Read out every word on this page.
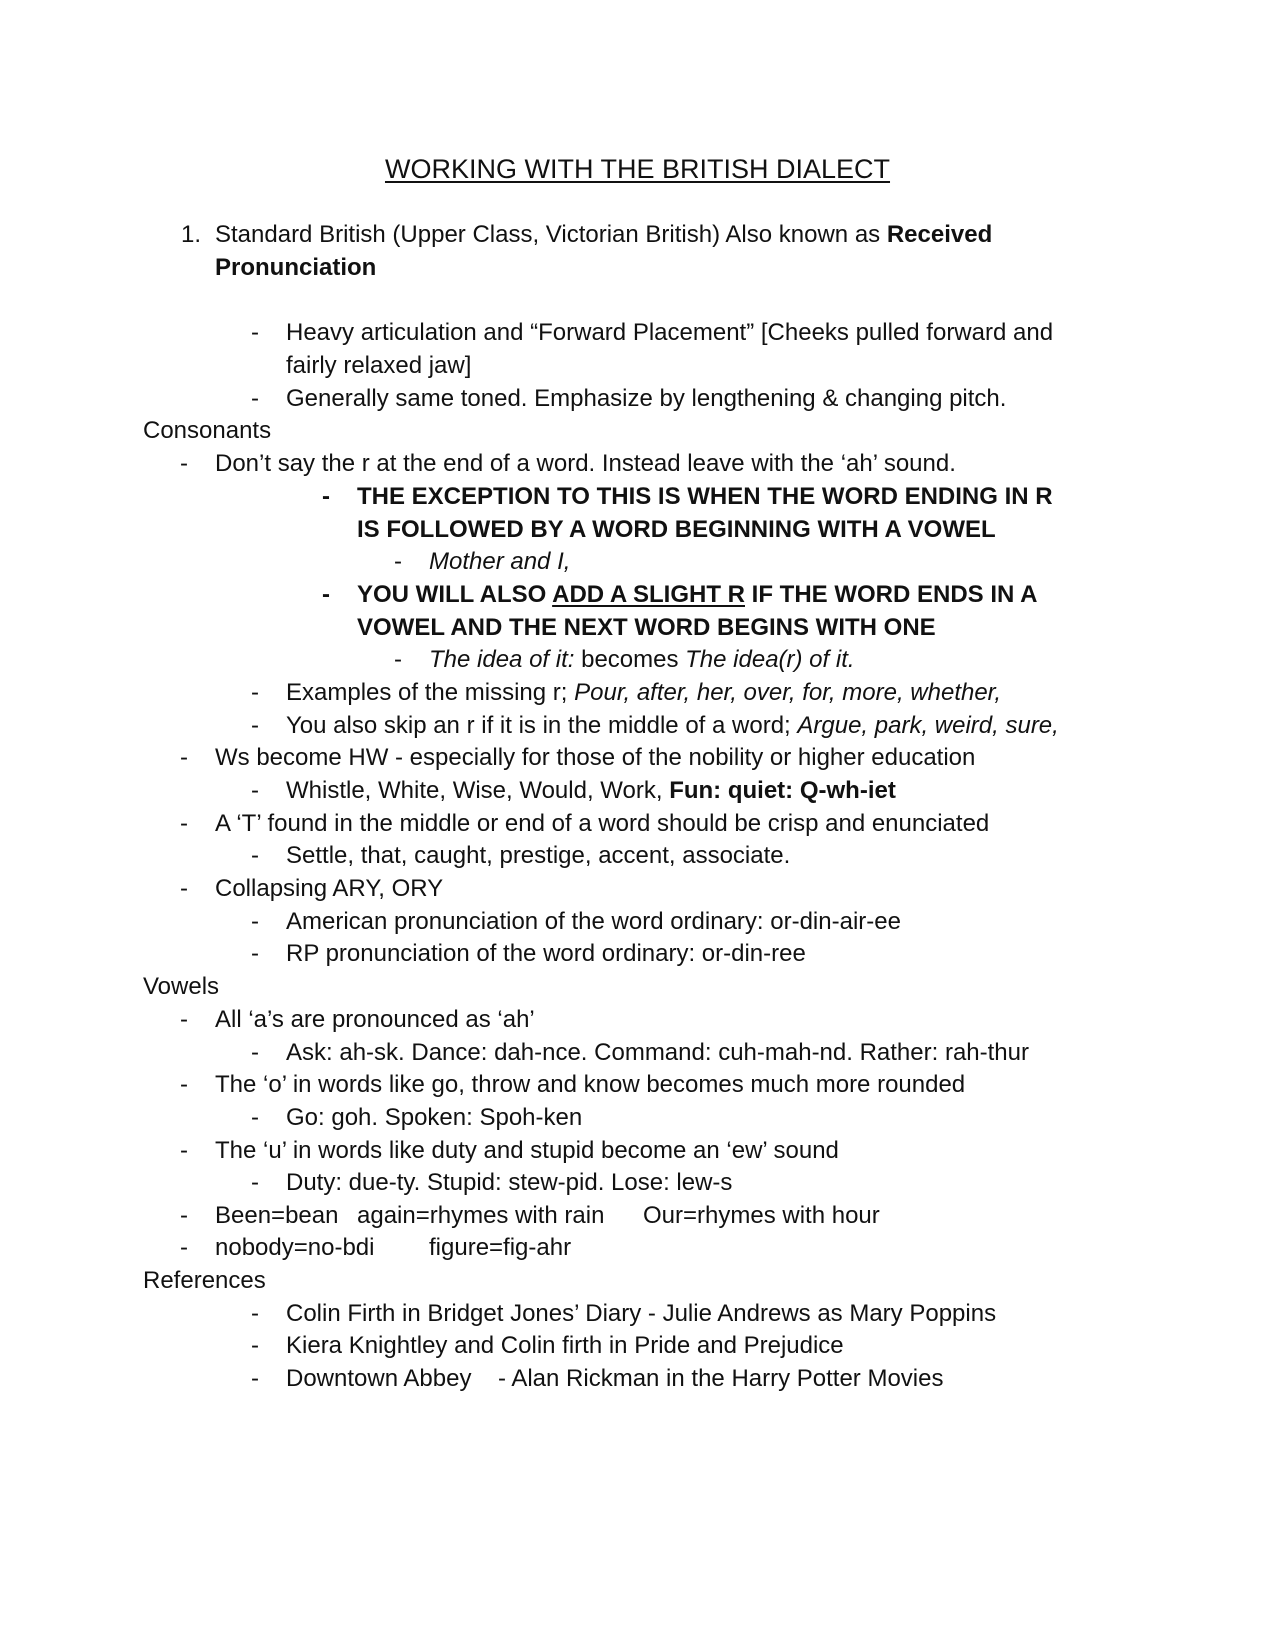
WORKING WITH THE BRITISH DIALECT
1. Standard British (Upper Class, Victorian British) Also known as Received
Pronunciation
- Heavy articulation and “Forward Placement” [Cheeks pulled forward and
fairly relaxed jaw]
- Generally same toned. Emphasize by lengthening & changing pitch.
Consonants
- Don’t say the r at the end of a word. Instead leave with the ‘ah’ sound.
- THE EXCEPTION TO THIS IS WHEN THE WORD ENDING IN R
IS FOLLOWED BY A WORD BEGINNING WITH A VOWEL
- Mother and I,
- YOU WILL ALSO ADD A SLIGHT R IF THE WORD ENDS IN A
VOWEL AND THE NEXT WORD BEGINS WITH ONE
- The idea of it: becomes The idea(r) of it.
- Examples of the missing r; Pour, after, her, over, for, more, whether,
- You also skip an r if it is in the middle of a word; Argue, park, weird, sure,
- Ws become HW - especially for those of the nobility or higher education
- Whistle, White, Wise, Would, Work, Fun: quiet: Q-wh-iet
- A ‘T’ found in the middle or end of a word should be crisp and enunciated
- Settle, that, caught, prestige, accent, associate.
- Collapsing ARY, ORY
- American pronunciation of the word ordinary: or-din-air-ee
- RP pronunciation of the word ordinary: or-din-ree
Vowels
- All ‘a’s are pronounced as ‘ah’
- Ask: ah-sk. Dance: dah-nce. Command: cuh-mah-nd. Rather: rah-thur
- The ‘o’ in words like go, throw and know becomes much more rounded
- Go: goh. Spoken: Spoh-ken
- The ‘u’ in words like duty and stupid become an ‘ew’ sound
- Duty: due-ty. Stupid: stew-pid. Lose: lew-s
- Been=bean again=rhymes with rain Our=rhymes with hour
- nobody=no-bdi figure=fig-ahr
References
- Colin Firth in Bridget Jones’ Diary - Julie Andrews as Mary Poppins
- Kiera Knightley and Colin firth in Pride and Prejudice
- Downtown Abbey - Alan Rickman in the Harry Potter Movies
